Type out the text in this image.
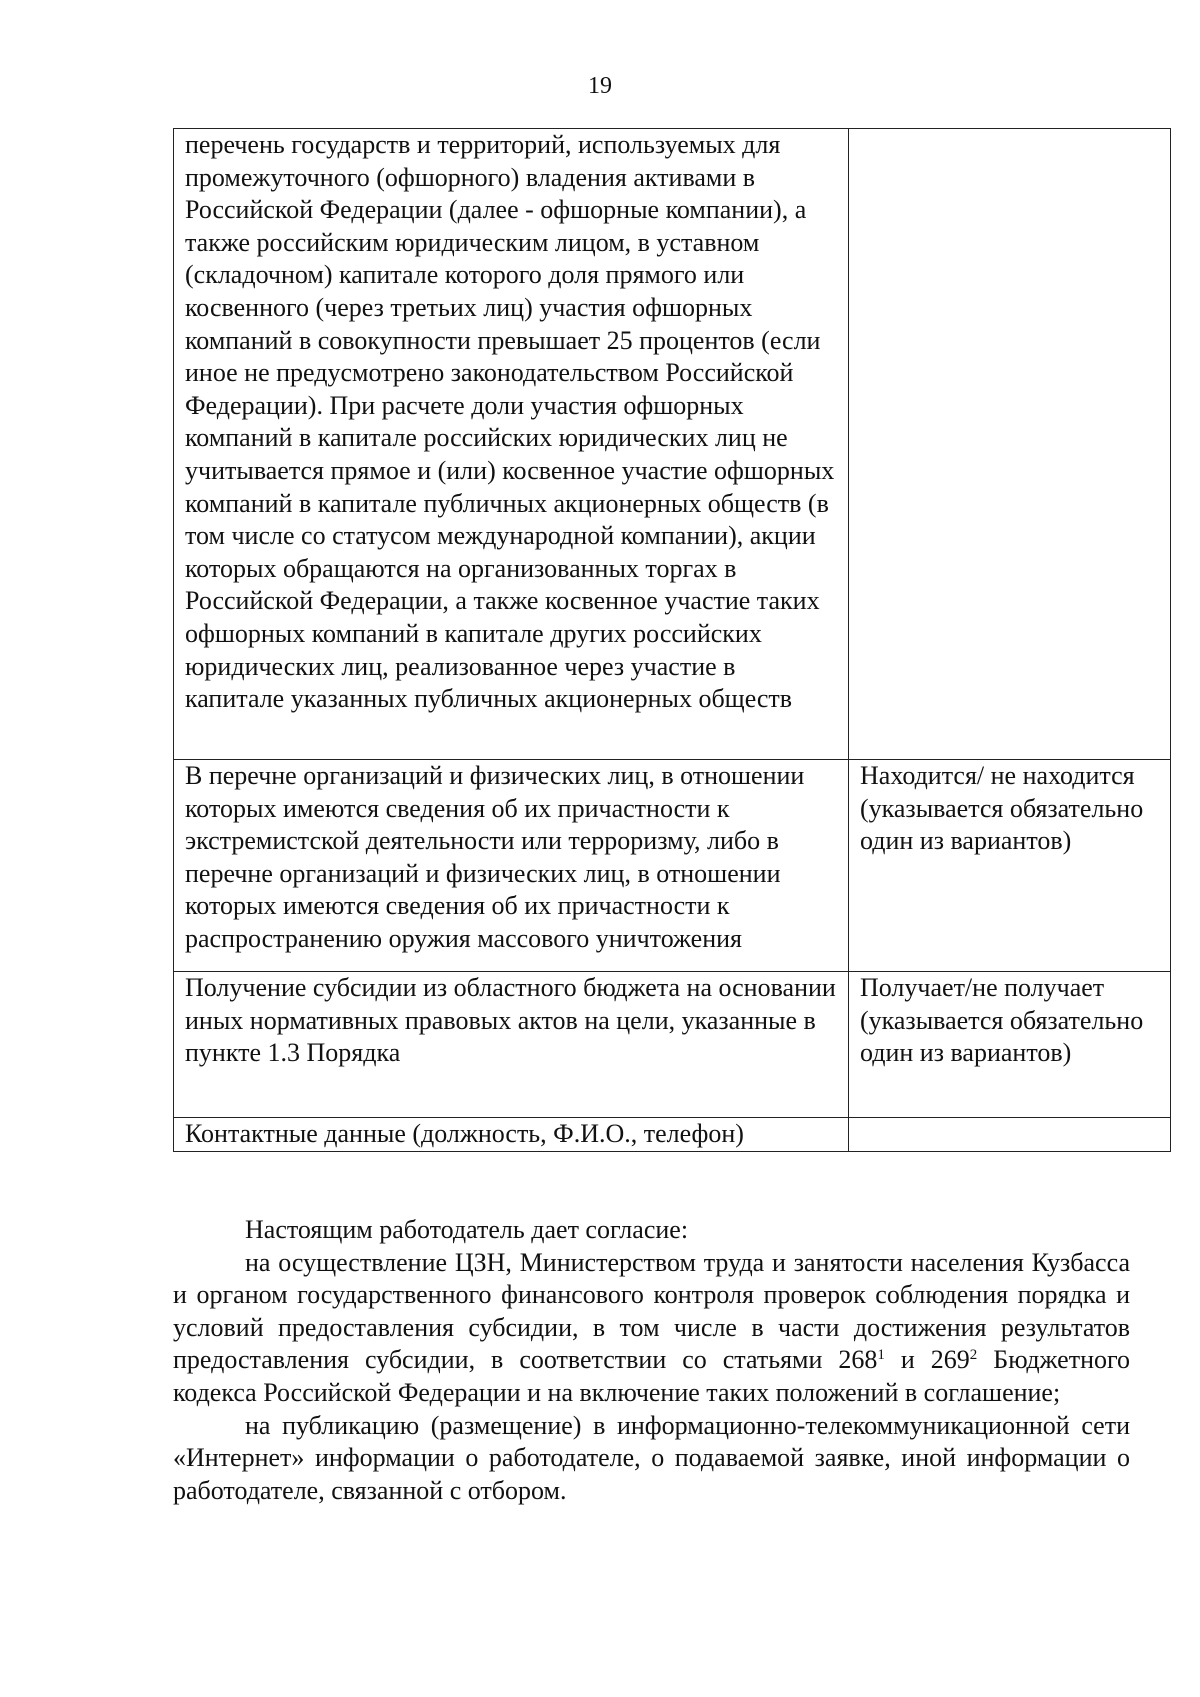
19
перечень государств и территорий, используемых для промежуточного (офшорного) владения активами в Российской Федерации (далее - офшорные компании), а также российским юридическим лицом, в уставном (складочном) капитале которого доля прямого или косвенного (через третьих лиц) участия офшорных компаний в совокупности превышает 25 процентов (если иное не предусмотрено законодательством Российской Федерации). При расчете доли участия офшорных компаний в капитале российских юридических лиц не учитывается прямое и (или) косвенное участие офшорных компаний в капитале публичных акционерных обществ (в том числе со статусом международной компании), акции которых обращаются на организованных торгах в Российской Федерации, а также косвенное участие таких офшорных компаний в капитале других российских юридических лиц, реализованное через участие в капитале указанных публичных акционерных обществ	
В перечне организаций и физических лиц, в отношении которых имеются сведения об их причастности к экстремистской деятельности или терроризму, либо в перечне организаций и физических лиц, в отношении которых имеются сведения об их причастности к распространению оружия массового уничтожения	Находится/ не находится (указывается обязательно один из вариантов)
Получение субсидии из областного бюджета на основании иных нормативных правовых актов на цели, указанные в пункте 1.3 Порядка	Получает/не получает (указывается обязательно один из вариантов)
Контактные данные (должность, Ф.И.О., телефон)	

Настоящим работодатель дает согласие:

на осуществление ЦЗН, Министерством труда и занятости населения Кузбасса и органом государственного финансового контроля проверок соблюдения порядка и условий предоставления субсидии, в том числе в части достижения результатов предоставления субсидии, в соответствии со статьями 268$^1$ и 269$^2$ Бюджетного кодекса Российской Федерации и на включение таких положений в соглашение;

на публикацию (размещение) в информационно-телекоммуникационной сети «Интернет» информации о работодателе, о подаваемой заявке, иной информации о работодателе, связанной с отбором.
